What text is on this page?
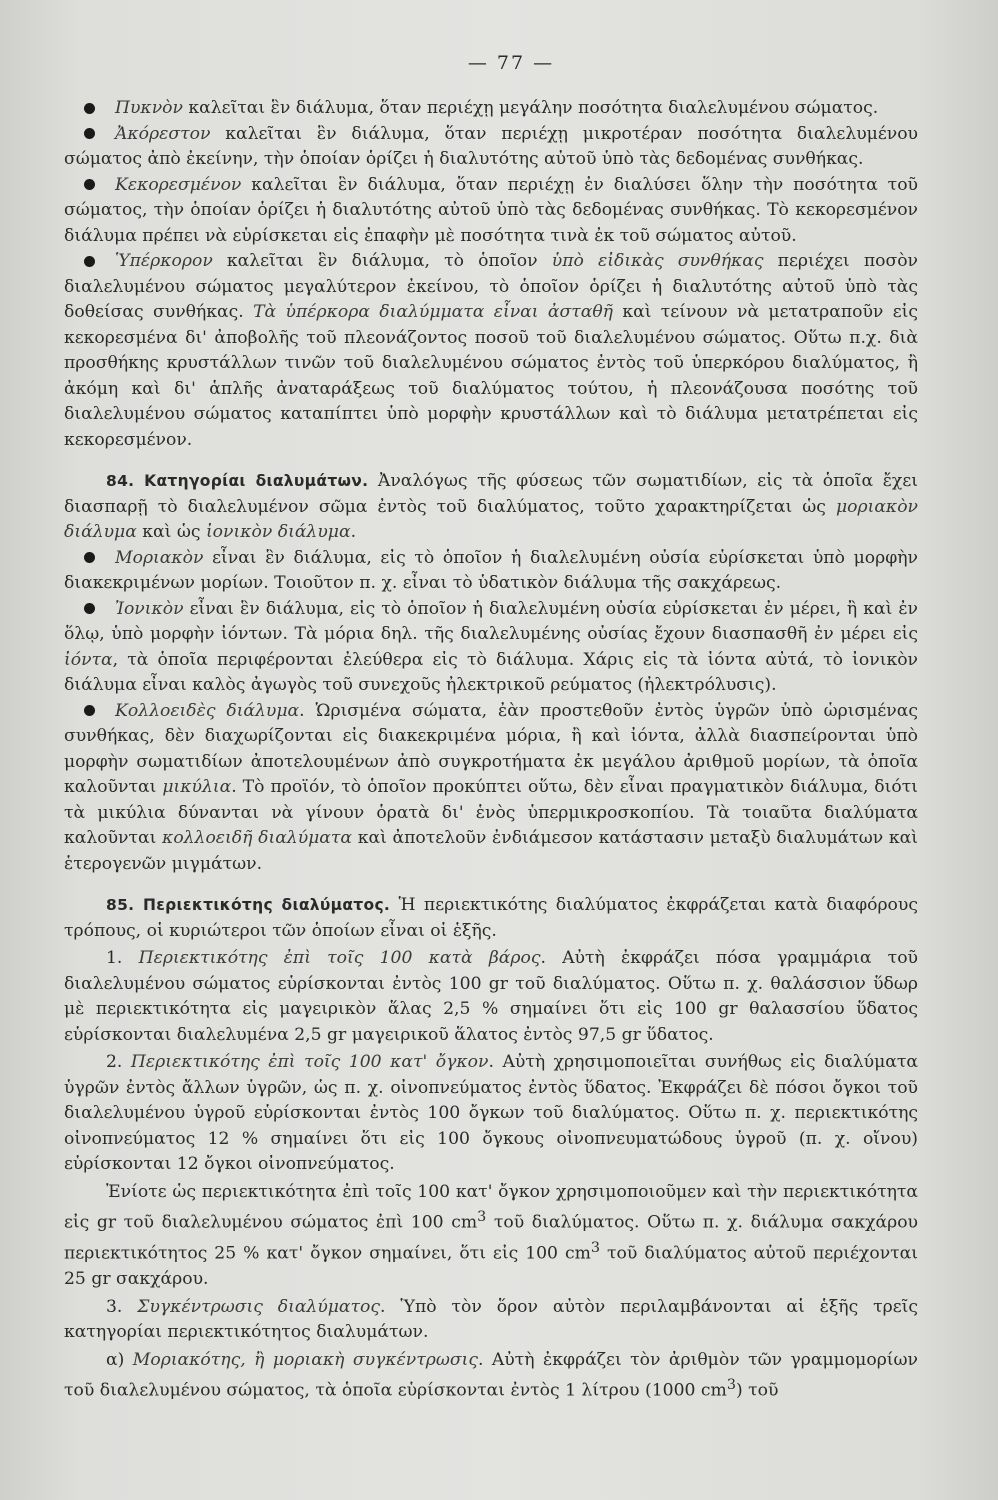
— 77 —

Πυκνὸν καλεῖται ἓν διάλυμα, ὅταν περιέχῃ μεγάλην ποσότητα διαλελυμένου σώματος.

Ἀκόρεστον καλεῖται ἓν διάλυμα, ὅταν περιέχῃ μικροτέραν ποσότητα διαλελυμένου σώματος ἀπὸ ἐκείνην, τὴν ὁποίαν ὁρίζει ἡ διαλυτότης αὐτοῦ ὑπὸ τὰς δεδομένας συνθήκας.

Κεκορεσμένον καλεῖται ἓν διάλυμα, ὅταν περιέχῃ ἐν διαλύσει ὅλην τὴν ποσότητα τοῦ σώματος, τὴν ὁποίαν ὁρίζει ἡ διαλυτότης αὐτοῦ ὑπὸ τὰς δεδομένας συνθήκας. Τὸ κεκορεσμένον διάλυμα πρέπει νὰ εὑρίσκεται εἰς ἐπαφὴν μὲ ποσότητα τινὰ ἐκ τοῦ σώματος αὐτοῦ.

Ὑπέρκορον καλεῖται ἓν διάλυμα, τὸ ὁποῖον ὑπὸ εἰδικὰς συνθήκας περιέχει ποσὸν διαλελυμένου σώματος μεγαλύτερον ἐκείνου, τὸ ὁποῖον ὁρίζει ἡ διαλυτότης αὐτοῦ ὑπὸ τὰς δοθείσας συνθήκας. Τὰ ὑπέρκορα διαλύμματα εἶναι ἀσταθῆ καὶ τείνουν νὰ μετατραποῦν εἰς κεκορεσμένα δι' ἀποβολῆς τοῦ πλεονάζοντος ποσοῦ τοῦ διαλελυμένου σώματος. Οὕτω π.χ. διὰ προσθήκης κρυστάλλων τινῶν τοῦ διαλελυμένου σώματος ἐντὸς τοῦ ὑπερκόρου διαλύματος, ἢ ἀκόμη καὶ δι' ἁπλῆς ἀναταράξεως τοῦ διαλύματος τούτου, ἡ πλεονάζουσα ποσότης τοῦ διαλελυμένου σώματος καταπίπτει ὑπὸ μορφὴν κρυστάλλων καὶ τὸ διάλυμα μετατρέπεται εἰς κεκορεσμένον.

84. Κατηγορίαι διαλυμάτων. Ἀναλόγως τῆς φύσεως τῶν σωματιδίων, εἰς τὰ ὁποῖα ἔχει διασπαρῇ τὸ διαλελυμένον σῶμα ἐντὸς τοῦ διαλύματος, τοῦτο χαρακτηρίζεται ὡς μοριακὸν διάλυμα καὶ ὡς ἰονικὸν διάλυμα.

Μοριακὸν εἶναι ἓν διάλυμα, εἰς τὸ ὁποῖον ἡ διαλελυμένη οὐσία εὑρίσκεται ὑπὸ μορφὴν διακεκριμένων μορίων. Τοιοῦτον π. χ. εἶναι τὸ ὑδατικὸν διάλυμα τῆς σακχάρεως.

Ἰονικὸν εἶναι ἓν διάλυμα, εἰς τὸ ὁποῖον ἡ διαλελυμένη οὐσία εὑρίσκεται ἐν μέρει, ἢ καὶ ἐν ὅλῳ, ὑπὸ μορφὴν ἰόντων. Τὰ μόρια δηλ. τῆς διαλελυμένης οὐσίας ἔχουν διασπασθῆ ἐν μέρει εἰς ἰόντα, τὰ ὁποῖα περιφέρονται ἐλεύθερα εἰς τὸ διάλυμα. Χάρις εἰς τὰ ἰόντα αὐτά, τὸ ἰονικὸν διάλυμα εἶναι καλὸς ἀγωγὸς τοῦ συνεχοῦς ἠλεκτρικοῦ ρεύματος (ἠλεκτρόλυσις).

Κολλοειδὲς διάλυμα. Ὡρισμένα σώματα, ἐὰν προστεθοῦν ἐντὸς ὑγρῶν ὑπὸ ὡρισμένας συνθήκας, δὲν διαχωρίζονται εἰς διακεκριμένα μόρια, ἢ καὶ ἰόντα, ἀλλὰ διασπείρονται ὑπὸ μορφὴν σωματιδίων ἀποτελουμένων ἀπὸ συγκροτήματα ἐκ μεγάλου ἀριθμοῦ μορίων, τὰ ὁποῖα καλοῦνται μικύλια. Τὸ προϊόν, τὸ ὁποῖον προκύπτει οὕτω, δὲν εἶναι πραγματικὸν διάλυμα, διότι τὰ μικύλια δύνανται νὰ γίνουν ὁρατὰ δι' ἑνὸς ὑπερμικροσκοπίου. Τὰ τοιαῦτα διαλύματα καλοῦνται κολλοειδῆ διαλύματα καὶ ἀποτελοῦν ἐνδιάμεσον κατάστασιν μεταξὺ διαλυμάτων καὶ ἑτερογενῶν μιγμάτων.

85. Περιεκτικότης διαλύματος. Ἡ περιεκτικότης διαλύματος ἐκφράζεται κατὰ διαφόρους τρόπους, οἱ κυριώτεροι τῶν ὁποίων εἶναι οἱ ἑξῆς.

1. Περιεκτικότης ἐπὶ τοῖς 100 κατὰ βάρος. Αὐτὴ ἐκφράζει πόσα γραμμάρια τοῦ διαλελυμένου σώματος εὑρίσκονται ἐντὸς 100 gr τοῦ διαλύματος. Οὕτω π. χ. θαλάσσιον ὕδωρ μὲ περιεκτικότητα εἰς μαγειρικὸν ἅλας 2,5 % σημαίνει ὅτι εἰς 100 gr θαλασσίου ὕδατος εὑρίσκονται διαλελυμένα 2,5 gr μαγειρικοῦ ἅλατος ἐντὸς 97,5 gr ὕδατος.

2. Περιεκτικότης ἐπὶ τοῖς 100 κατ' ὄγκον. Αὐτὴ χρησιμοποιεῖται συνήθως εἰς διαλύματα ὑγρῶν ἐντὸς ἄλλων ὑγρῶν, ὡς π. χ. οἰνοπνεύματος ἐντὸς ὕδατος. Ἐκφράζει δὲ πόσοι ὄγκοι τοῦ διαλελυμένου ὑγροῦ εὑρίσκονται ἐντὸς 100 ὄγκων τοῦ διαλύματος. Οὕτω π. χ. περιεκτικότης οἰνοπνεύματος 12 % σημαίνει ὅτι εἰς 100 ὄγκους οἰνοπνευματώδους ὑγροῦ (π. χ. οἴνου) εὑρίσκονται 12 ὄγκοι οἰνοπνεύματος.

Ἐνίοτε ὡς περιεκτικότητα ἐπὶ τοῖς 100 κατ' ὄγκον χρησιμοποιοῦμεν καὶ τὴν περιεκτικότητα εἰς gr τοῦ διαλελυμένου σώματος ἐπὶ 100 $cm^3$ τοῦ διαλύματος. Οὕτω π. χ. διάλυμα σακχάρου περιεκτικότητος 25 % κατ' ὄγκον σημαίνει, ὅτι εἰς 100 $cm^3$ τοῦ διαλύματος αὐτοῦ περιέχονται 25 gr σακχάρου.

3. Συγκέντρωσις διαλύματος. Ὑπὸ τὸν ὅρον αὐτὸν περιλαμβάνονται αἱ ἑξῆς τρεῖς κατηγορίαι περιεκτικότητος διαλυμάτων.

α) Μοριακότης, ἢ μοριακὴ συγκέντρωσις. Αὐτὴ ἐκφράζει τὸν ἀριθμὸν τῶν γραμμομορίων τοῦ διαλελυμένου σώματος, τὰ ὁποῖα εὑρίσκονται ἐντὸς 1 λίτρου (1000 $cm^3$) τοῦ
